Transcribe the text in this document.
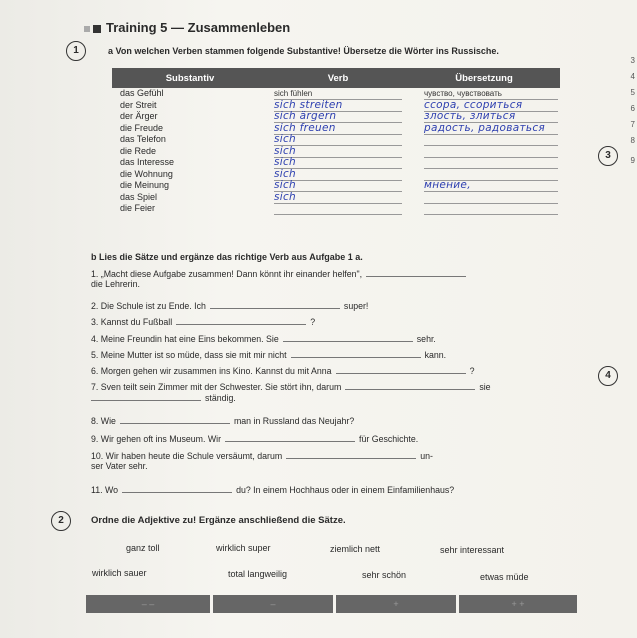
3
4
5
6
7
8
9
Training 5 — Zusammenleben
1	a Von welchen Verben stammen folgende Substantive! Übersetze die Wörter ins Russische.
Substantiv	Verb	Übersetzung
das Gefühl	sich fühlen	чувство, чувствовать
der Streit	sich streiten	ссора, ссориться
der Ärger	sich ärgern	злость, злиться
die Freude	sich freuen	радость, радоваться
das Telefon	sich
die Rede	sich
das Interesse	sich
die Wohnung	sich
die Meinung	sich	мнение,
das Spiel	sich
die Feier
3
b Lies die Sätze und ergänze das richtige Verb aus Aufgabe 1 a.
1. „Macht diese Aufgabe zusammen! Dann könnt ihr einander helfen",
die Lehrerin.
2. Die Schule ist zu Ende. Ich	super!
3. Kannst du Fußball	?
4. Meine Freundin hat eine Eins bekommen. Sie	sehr.
5. Meine Mutter ist so müde, dass sie mit mir nicht	kann.
6. Morgen gehen wir zusammen ins Kino. Kannst du mit Anna	?
7. Sven teilt sein Zimmer mit der Schwester. Sie stört ihn, darum	sie
ständig.
8. Wie	man in Russland das Neujahr?
9. Wir gehen oft ins Museum. Wir	für Geschichte.
10. Wir haben heute die Schule versäumt, darum	un-
ser Vater sehr.
11. Wo	du? In einem Hochhaus oder in einem Einfamilienhaus?
4
2	Ordne die Adjektive zu! Ergänze anschließend die Sätze.
ganz toll	wirklich super	ziemlich nett	sehr interessant
wirklich sauer	total langweilig	sehr schön	etwas müde
– –	–	+	+ +
